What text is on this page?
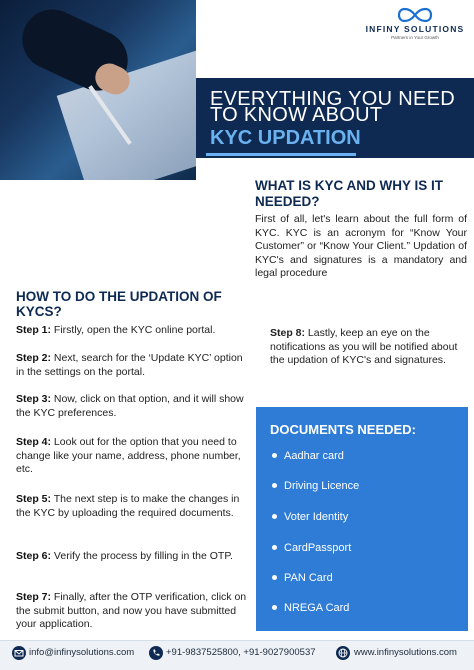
INFINY SOLUTIONS
Partners in Your Growth
EVERYTHING YOU NEED
TO KNOW ABOUT
KYC UPDATION
WHAT IS KYC AND WHY IS IT NEEDED?
First of all, let's learn about the full form of KYC. KYC is an acronym for “Know Your Customer” or “Know Your Client.” Updation of KYC's and signatures is a mandatory and legal procedure
HOW TO DO THE UPDATION OF KYCS?
Step 1: Firstly, open the KYC online portal.
Step 2: Next, search for the ‘Update KYC’ option in the settings on the portal.
Step 3: Now, click on that option, and it will show the KYC preferences.
Step 4: Look out for the option that you need to change like your name, address, phone number, etc.
Step 5: The next step is to make the changes in the KYC by uploading the required documents.
Step 6: Verify the process by filling in the OTP.
Step 7: Finally, after the OTP verification, click on the submit button, and now you have submitted your application.
Step 8: Lastly, keep an eye on the notifications as you will be notified about the updation of KYC's and signatures.
DOCUMENTS NEEDED:
Aadhar card
Driving Licence
Voter Identity
CardPassport
PAN Card
NREGA Card
info@infinysolutions.com	+91-9837525800, +91-9027900537	www.infinysolutions.com
